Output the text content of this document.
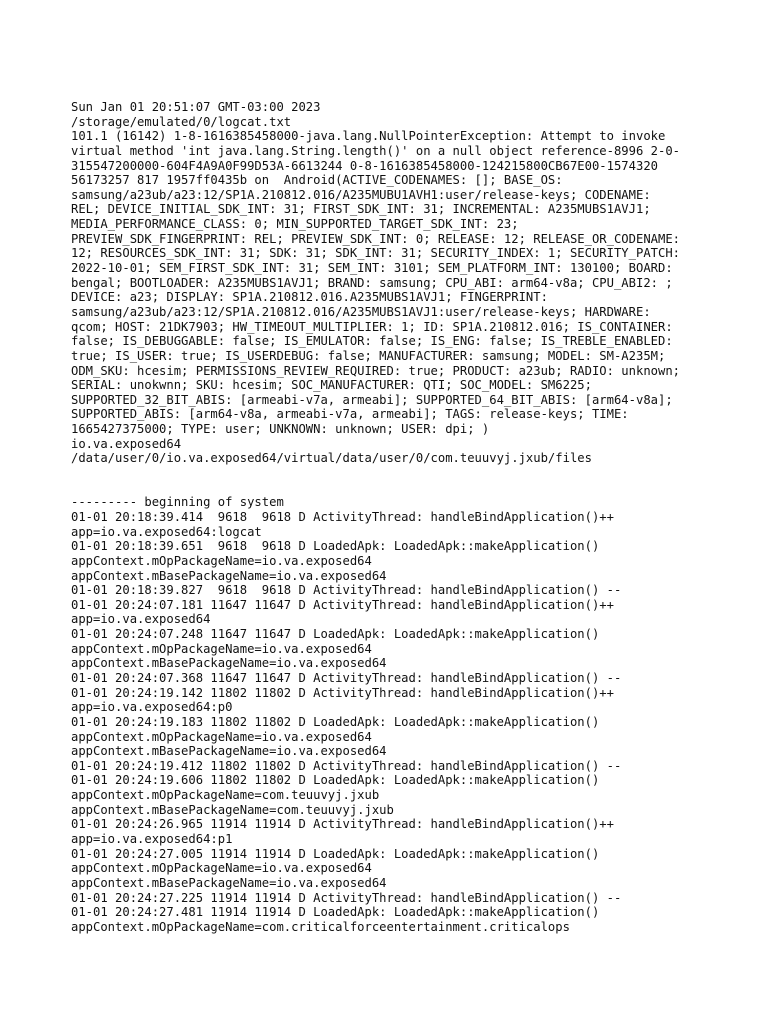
Sun Jan 01 20:51:07 GMT-03:00 2023
/storage/emulated/0/logcat.txt
101.1 (16142) 1-8-1616385458000-java.lang.NullPointerException: Attempt to invoke
virtual method 'int java.lang.String.length()' on a null object reference-8996 2-0-
315547200000-604F4A9A0F99D53A-6613244 0-8-1616385458000-124215800CB67E00-1574320
56173257 817 1957ff0435b on  Android(ACTIVE_CODENAMES: []; BASE_OS:
samsung/a23ub/a23:12/SP1A.210812.016/A235MUBU1AVH1:user/release-keys; CODENAME:
REL; DEVICE_INITIAL_SDK_INT: 31; FIRST_SDK_INT: 31; INCREMENTAL: A235MUBS1AVJ1;
MEDIA_PERFORMANCE_CLASS: 0; MIN_SUPPORTED_TARGET_SDK_INT: 23;
PREVIEW_SDK_FINGERPRINT: REL; PREVIEW_SDK_INT: 0; RELEASE: 12; RELEASE_OR_CODENAME:
12; RESOURCES_SDK_INT: 31; SDK: 31; SDK_INT: 31; SECURITY_INDEX: 1; SECURITY_PATCH:
2022-10-01; SEM_FIRST_SDK_INT: 31; SEM_INT: 3101; SEM_PLATFORM_INT: 130100; BOARD:
bengal; BOOTLOADER: A235MUBS1AVJ1; BRAND: samsung; CPU_ABI: arm64-v8a; CPU_ABI2: ;
DEVICE: a23; DISPLAY: SP1A.210812.016.A235MUBS1AVJ1; FINGERPRINT:
samsung/a23ub/a23:12/SP1A.210812.016/A235MUBS1AVJ1:user/release-keys; HARDWARE:
qcom; HOST: 21DK7903; HW_TIMEOUT_MULTIPLIER: 1; ID: SP1A.210812.016; IS_CONTAINER:
false; IS_DEBUGGABLE: false; IS_EMULATOR: false; IS_ENG: false; IS_TREBLE_ENABLED:
true; IS_USER: true; IS_USERDEBUG: false; MANUFACTURER: samsung; MODEL: SM-A235M;
ODM_SKU: hcesim; PERMISSIONS_REVIEW_REQUIRED: true; PRODUCT: a23ub; RADIO: unknown;
SERIAL: unokwnn; SKU: hcesim; SOC_MANUFACTURER: QTI; SOC_MODEL: SM6225;
SUPPORTED_32_BIT_ABIS: [armeabi-v7a, armeabi]; SUPPORTED_64_BIT_ABIS: [arm64-v8a];
SUPPORTED_ABIS: [arm64-v8a, armeabi-v7a, armeabi]; TAGS: release-keys; TIME:
1665427375000; TYPE: user; UNKNOWN: unknown; USER: dpi; )
io.va.exposed64
/data/user/0/io.va.exposed64/virtual/data/user/0/com.teuuvyj.jxub/files
--------- beginning of system
01-01 20:18:39.414  9618  9618 D ActivityThread: handleBindApplication()++
app=io.va.exposed64:logcat
01-01 20:18:39.651  9618  9618 D LoadedApk: LoadedApk::makeApplication()
appContext.mOpPackageName=io.va.exposed64
appContext.mBasePackageName=io.va.exposed64
01-01 20:18:39.827  9618  9618 D ActivityThread: handleBindApplication() --
01-01 20:24:07.181 11647 11647 D ActivityThread: handleBindApplication()++
app=io.va.exposed64
01-01 20:24:07.248 11647 11647 D LoadedApk: LoadedApk::makeApplication()
appContext.mOpPackageName=io.va.exposed64
appContext.mBasePackageName=io.va.exposed64
01-01 20:24:07.368 11647 11647 D ActivityThread: handleBindApplication() --
01-01 20:24:19.142 11802 11802 D ActivityThread: handleBindApplication()++
app=io.va.exposed64:p0
01-01 20:24:19.183 11802 11802 D LoadedApk: LoadedApk::makeApplication()
appContext.mOpPackageName=io.va.exposed64
appContext.mBasePackageName=io.va.exposed64
01-01 20:24:19.412 11802 11802 D ActivityThread: handleBindApplication() --
01-01 20:24:19.606 11802 11802 D LoadedApk: LoadedApk::makeApplication()
appContext.mOpPackageName=com.teuuvyj.jxub
appContext.mBasePackageName=com.teuuvyj.jxub
01-01 20:24:26.965 11914 11914 D ActivityThread: handleBindApplication()++
app=io.va.exposed64:p1
01-01 20:24:27.005 11914 11914 D LoadedApk: LoadedApk::makeApplication()
appContext.mOpPackageName=io.va.exposed64
appContext.mBasePackageName=io.va.exposed64
01-01 20:24:27.225 11914 11914 D ActivityThread: handleBindApplication() --
01-01 20:24:27.481 11914 11914 D LoadedApk: LoadedApk::makeApplication()
appContext.mOpPackageName=com.criticalforceentertainment.criticalops
